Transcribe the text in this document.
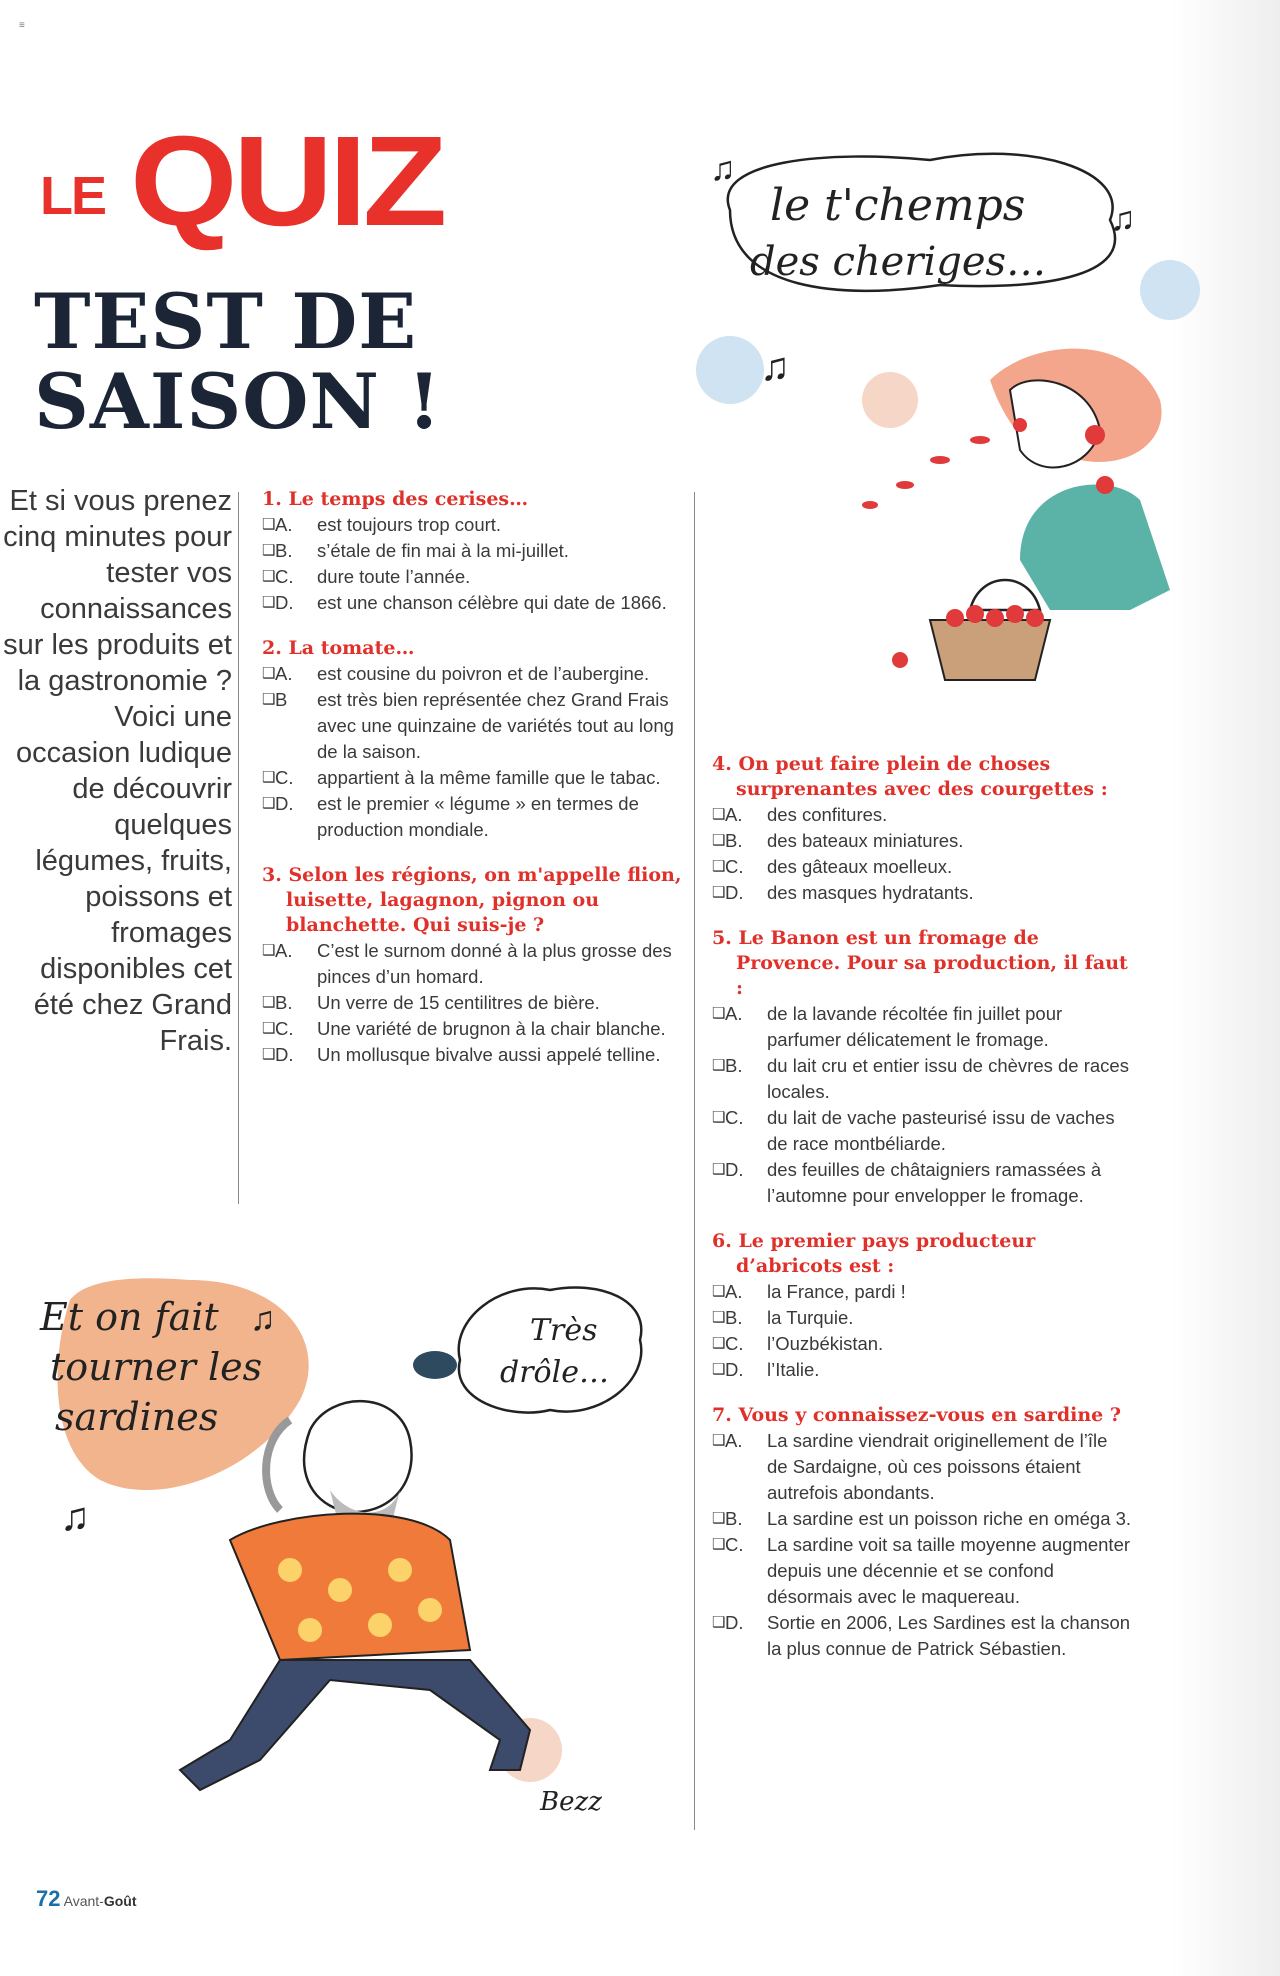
≡
LE QUIZ
TEST DE
SAISON !
Et si vous prenez cinq minutes pour tester vos connaissances sur les produits et la gastronomie ? Voici une occasion ludique de découvrir quelques légumes, fruits, poissons et fromages disponibles cet été chez Grand Frais.
1. Le temps des cerises…
❑ A.	est toujours trop court.
❑ B.	s’étale de fin mai à la mi-juillet.
❑ C.	dure toute l’année.
❑ D.	est une chanson célèbre qui date de 1866.
2. La tomate…
❑ A.	est cousine du poivron et de l’aubergine.
❑ B	est très bien représentée chez Grand Frais avec une quinzaine de variétés tout au long de la saison.
❑ C.	appartient à la même famille que le tabac.
❑ D.	est le premier « légume » en termes de production mondiale.
3. Selon les régions, on m'appelle flion, luisette, lagagnon, pignon ou blanchette. Qui suis-je ?
❑ A.	C’est le surnom donné à la plus grosse des pinces d’un homard.
❑ B.	Un verre de 15 centilitres de bière.
❑ C.	Une variété de brugnon à la chair blanche.
❑ D.	Un mollusque bivalve aussi appelé telline.
4. On peut faire plein de choses surprenantes avec des courgettes :
❑ A.	des confitures.
❑ B.	des bateaux miniatures.
❑ C.	des gâteaux moelleux.
❑ D.	des masques hydratants.
5. Le Banon est un fromage de Provence. Pour sa production, il faut :
❑ A.	de la lavande récoltée fin juillet pour parfumer délicatement le fromage.
❑ B.	du lait cru et entier issu de chèvres de races locales.
❑ C.	du lait de vache pasteurisé issu de vaches de race montbéliarde.
❑ D.	des feuilles de châtaigniers ramassées à l’automne pour envelopper le fromage.
6. Le premier pays producteur d’abricots est :
❑ A.	la France, pardi !
❑ B.	la Turquie.
❑ C.	l’Ouzbékistan.
❑ D.	l’Italie.
7. Vous y connaissez-vous en sardine ?
❑ A.	La sardine viendrait originellement de l’île de Sardaigne, où ces poissons étaient autrefois abondants.
❑ B.	La sardine est un poisson riche en oméga 3.
❑ C.	La sardine voit sa taille moyenne augmenter depuis une décennie et se confond désormais avec le maquereau.
❑ D.	Sortie en 2006, Les Sardines est la chanson la plus connue de Patrick Sébastien.
le t'chemps
des cheriges…
♫
♫
♫
Et on fait
tourner les
sardines
♫
♫
Très
drôle…
Bezz
72 Avant-Goût
